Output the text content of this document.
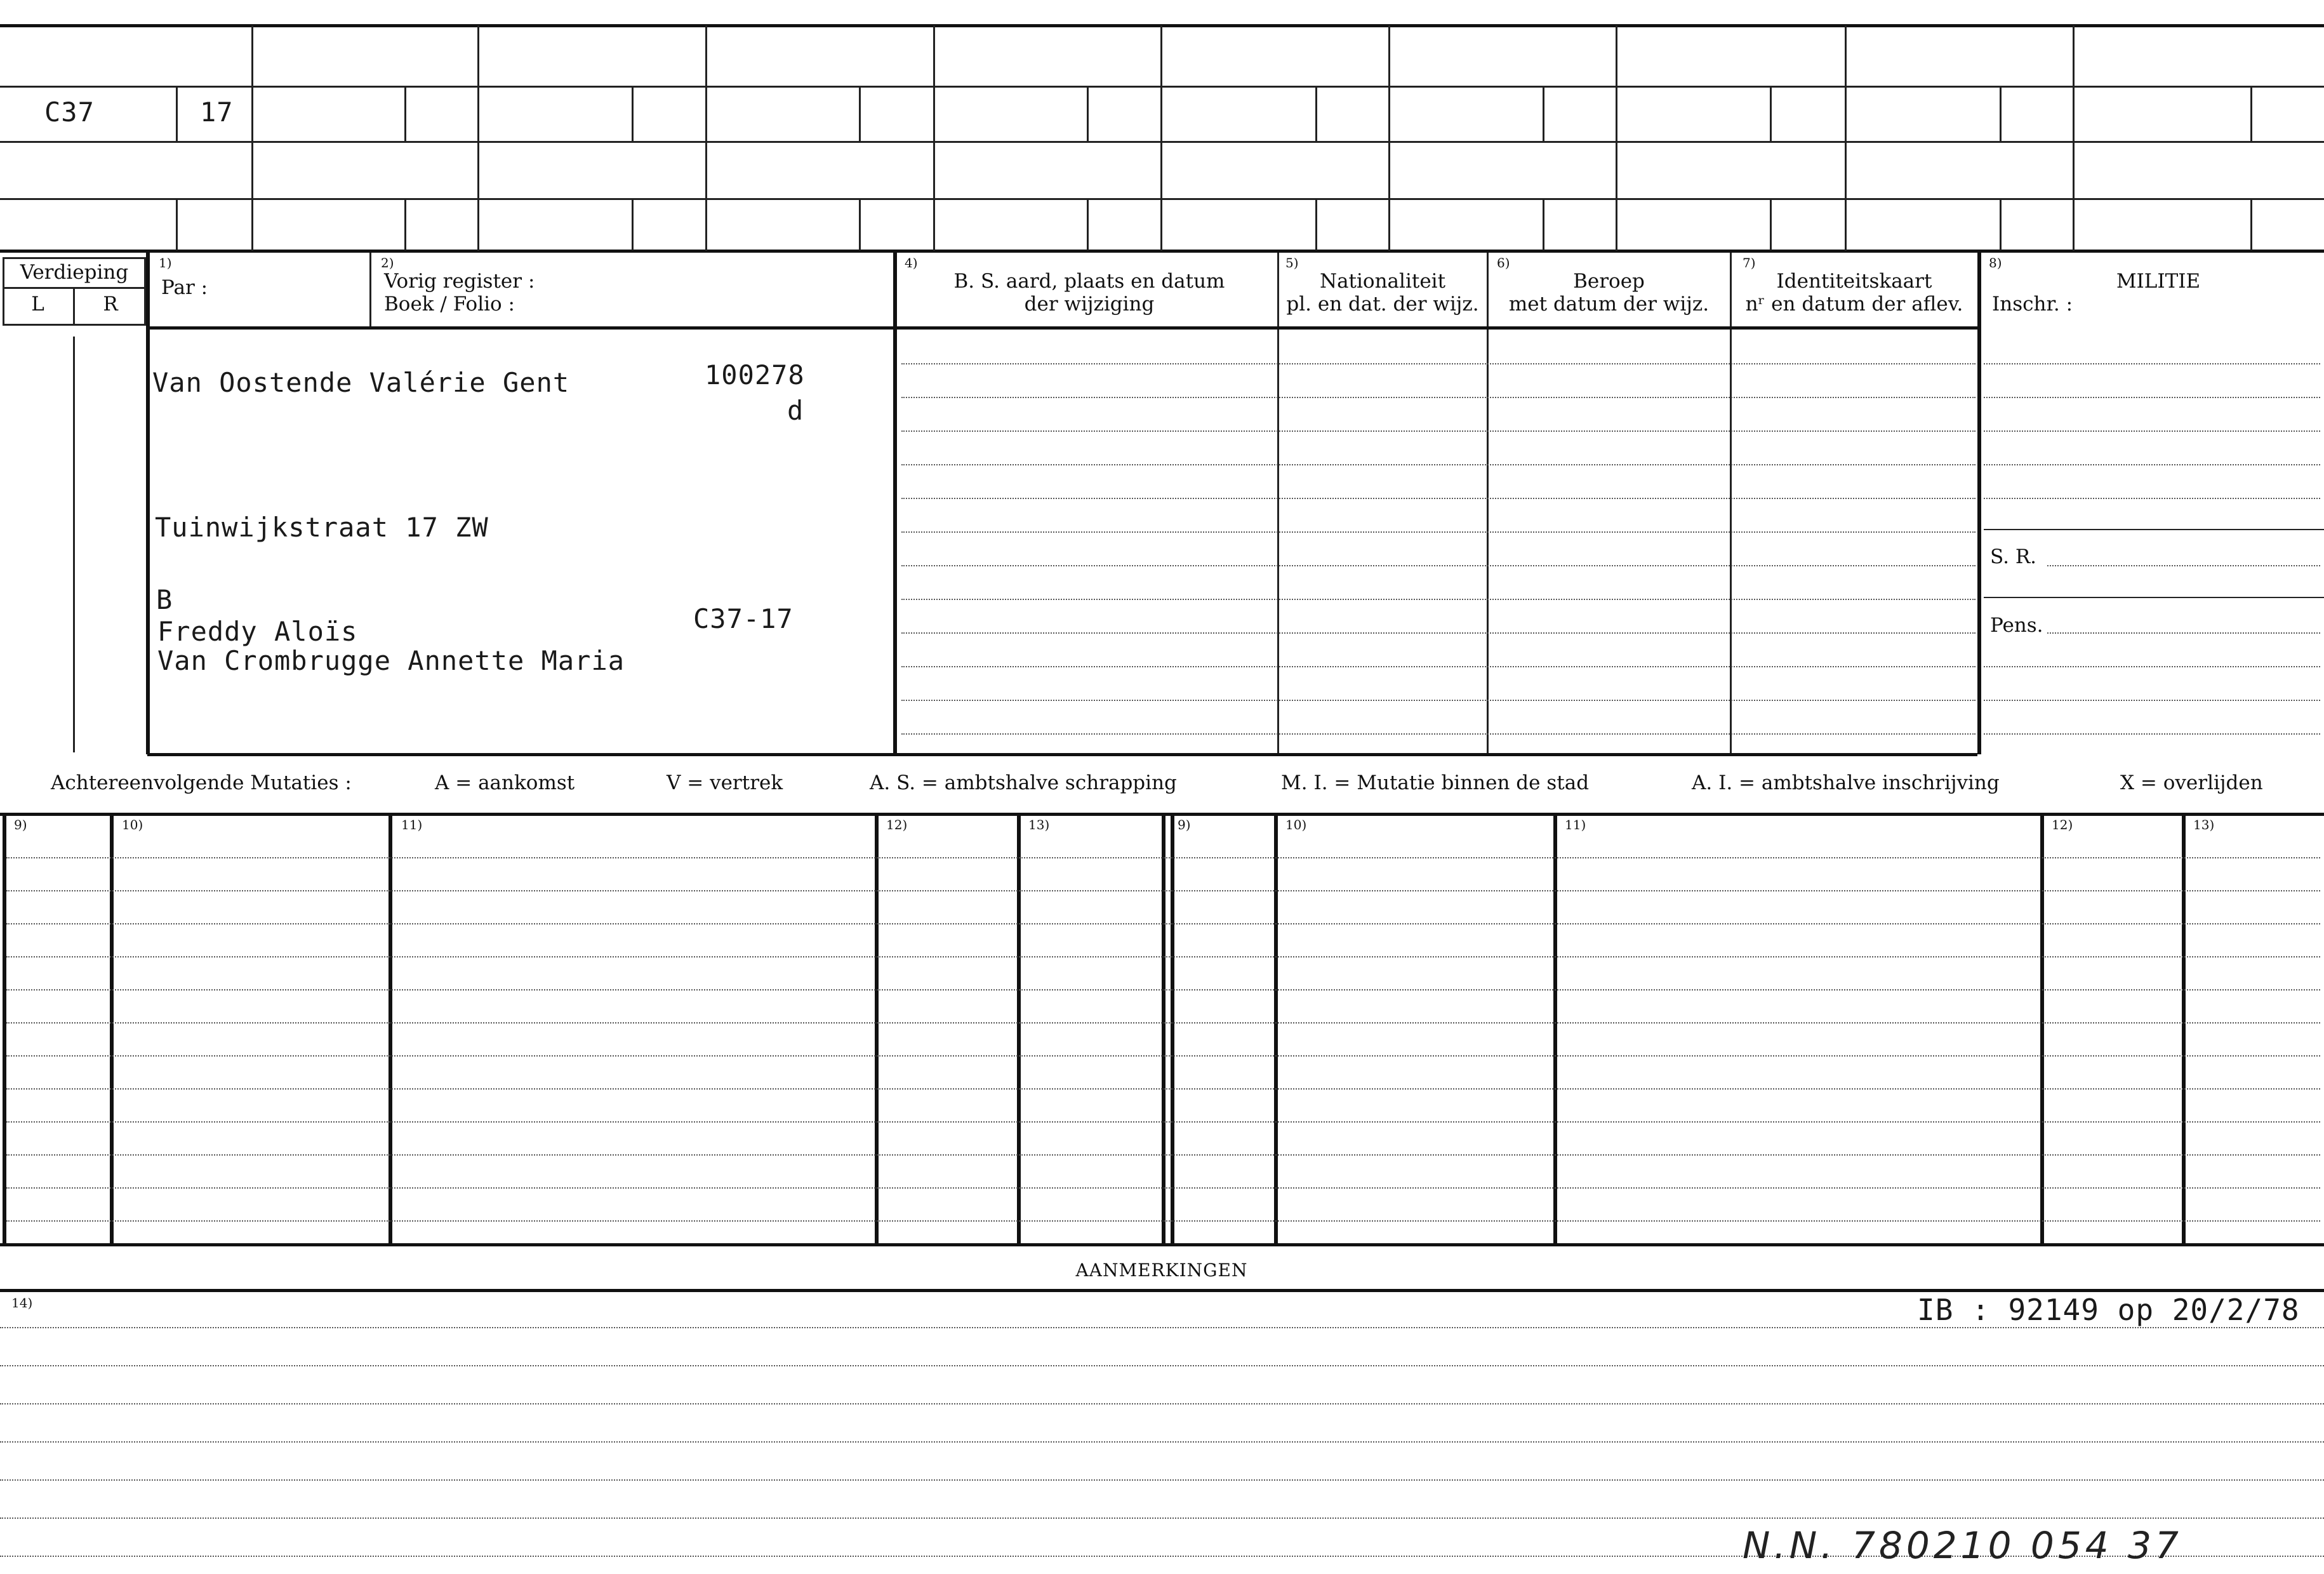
C37	17
Verdieping
L	R
1)
Par :
2)
Vorig register :
Boek / Folio :
4)
B. S. aard, plaats en datum
der wijziging
5)
Nationaliteit
pl. en dat. der wijz.
6)
Beroep
met datum der wijz.
7)
Identiteitskaart
nʳ en datum der aflev.
8)
MILITIE
Inschr. :
S. R.
Pens.
Van Oostende Valérie Gent	100278
d
Tuinwijkstraat 17 ZW
B
Freddy Aloïs	C37-17
Van Crombrugge Annette Maria
Achtereenvolgende Mutaties :	A = aankomst	V = vertrek	A. S. = ambtshalve schrapping	M. I. = Mutatie binnen de stad	A. I. = ambtshalve inschrijving	X = overlijden
9)	10)	11)	12)	13)	9)	10)	11)	12)	13)
AANMERKINGEN
14)	IB : 92149 op 20/2/78
N.N. 780210 054 37
